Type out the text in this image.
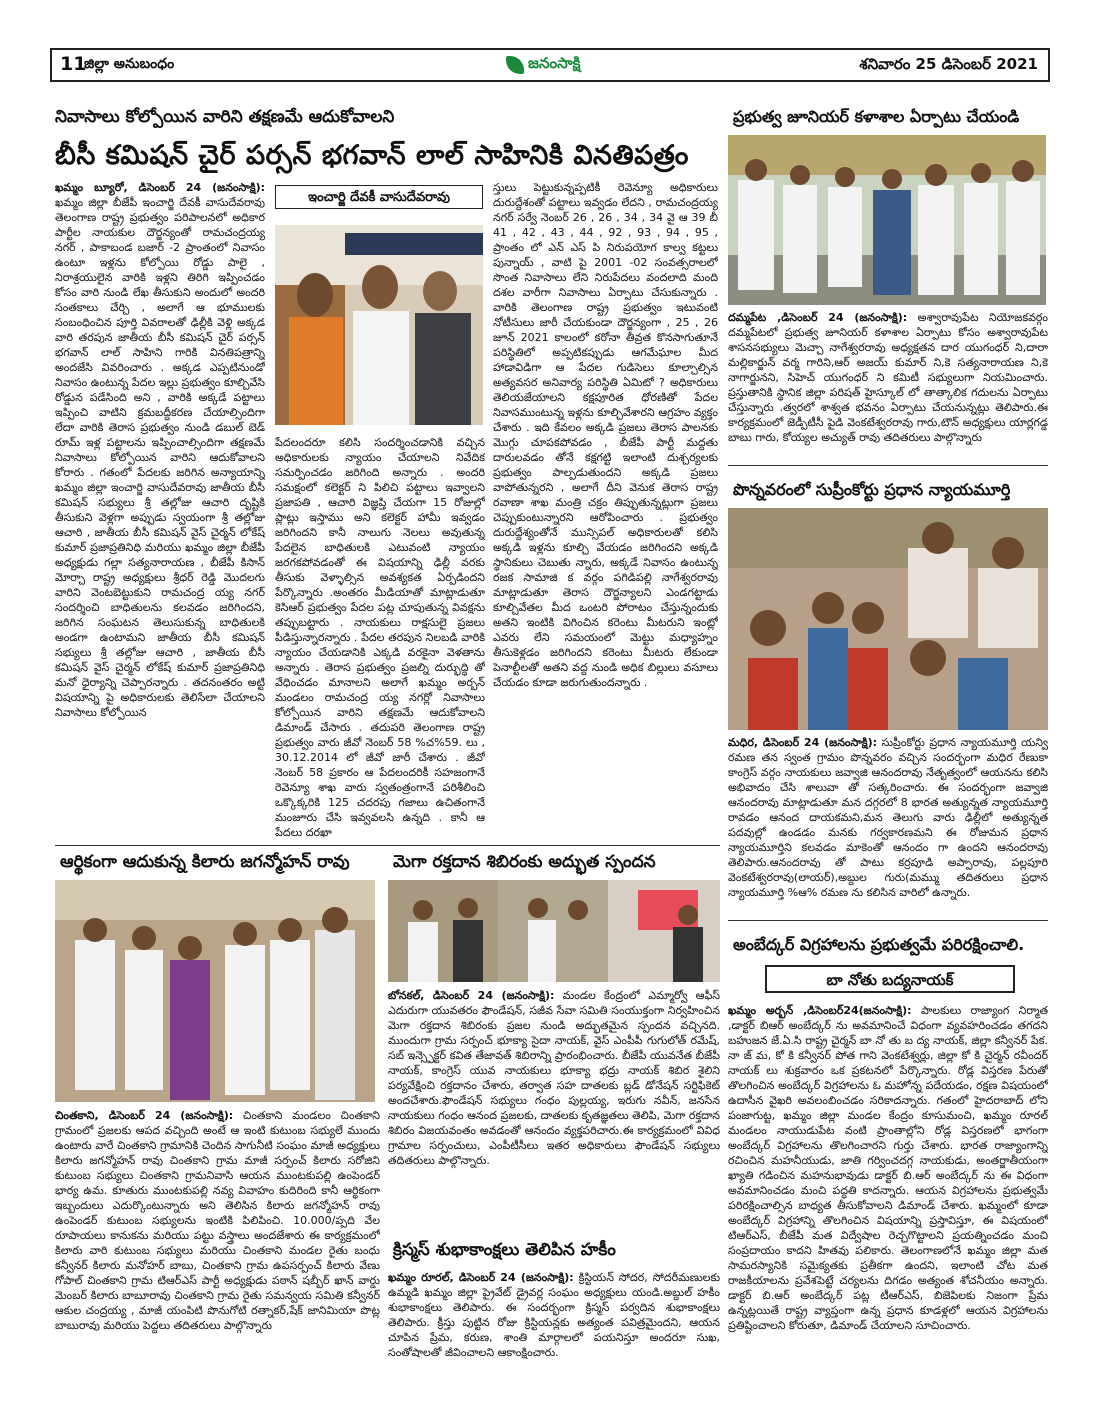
11
జిల్లా అనుబంధం	జనంసాక్షి	శనివారం 25 డిసెంబర్ 2021
నివాసాలు కోల్పోయిన వారిని తక్షణమే ఆదుకోవాలని
బీసీ కమిషన్ చైర్ పర్సన్ భగవాన్ లాల్ సాహినికి వినతిపత్రం
ఖమ్మం బ్యూరో, డిసెంబర్ 24 (జనంసాక్షి): ఖమ్మం జిల్లా బీజేపీ ఇంచార్జి దేవకీ వాసుదేవరావు తెలంగాణ రాష్ట్ర ప్రభుత్వం పరిపాలనలో అధికార పార్టీల నాయకుల దౌర్జన్యంతో రామచంద్రయ్య నగర్ , పాకాబండ బజార్ -2 ప్రాంతంలో నివాసం ఉంటూ ఇళ్లను కోల్పోయి రోడ్డు పాలై , నిరాశ్రయులైన వారికి ఇళ్లని తిరిగి ఇప్పించడం కోసం వారి నుండి లేఖ తీసుకుని అందులో అందరి సంతకాలు చేర్చి , అలాగే ఆ భూములకు సంబంధించిన పూర్తి వివరాలతో ఢిల్లీకి వెళ్లి అక్కడ వారి తరపున జాతీయ బీసీ కమిషన్ చైర్ పర్సన్ భగవాన్ లాల్ సాహిని గారికి వినతిపత్రాన్ని అందజేసి వివరించారు . అక్కడ ఎప్పటినుండో నివాసం ఉంటున్న పేదల ఇల్లు ప్రభుత్వం కూల్చివేసి రోడ్డున పడేసింది అని , వారికి అక్కడే పట్టాలు ఇప్పించి వాటిని క్రమబద్దీకరణ చేయాల్సిందిగా లేదా వారికి తెరాస ప్రభుత్వం నుండి డబుల్ బెడ్ రూమ్ ఇళ్ల పట్టాలను ఇప్పించాల్సిందిగా తక్షణమే నివాసాలు కోల్పోయిన వారిని ఆదుకోవాలని కోరారు . గతంలో పేదలకు జరిగిన అన్యాయాన్ని ఖమ్మం జిల్లా ఇంచార్జి వాసుదేవరావు జాతీయ బీసీ కమిషన్ సభ్యులు శ్రీ తల్లోజు ఆచారి దృష్టికి తీసుకుని వెళ్లగా అప్పుడు స్వయంగా శ్రీ తల్లోజు ఆచారి , జాతీయ బీసీ కమిషన్ వైస్ చైర్మన్ లోకేష్ కుమార్ ప్రజాప్రతినిధి మరియు ఖమ్మం జిల్లా బీజేపీ అధ్యక్షుడు గల్లా సత్యనారాయణ , బీజేపీ కిసాన్ మోర్చా రాష్ట్ర అధ్యక్షులు శ్రీధర్ రెడ్డి మొదలగు వారిని వెంటబెట్టుకుని రామచంద్ర య్య నగర్ సందర్శించి బాధితులను కలవడం జరిగిందని, జరిగిన సంఘటన తెలుసుకున్న బాధితులకి అండగా ఉంటామని జాతీయ బీసీ కమిషన్ సభ్యులు శ్రీ తల్లోజు ఆచారి , జాతీయ బీసీ కమిషన్ వైస్ చైర్మన్ లోకేష్ కుమార్ ప్రజాప్రతినిధి మనో ధైర్యాన్ని చెప్పారన్నారు . తదనంతరం అట్టి విషయాన్ని పై అధికారులకు తెలిసేలా చేయాలని నివాసాలు కోల్పోయిన
ఇంచార్జి దేవకీ వాసుదేవరావు
పేదలందరూ కలిసి సందర్శించడానికి వచ్చిన అధికారులకు న్యాయం చేయాలని నివేదిక సమర్పించడం జరిగింది అన్నారు . అందరి సమక్షంలో కలెక్టర్ ని పిలిచి పట్టాలు ఇవ్వాలని ప్రజాపతి , ఆచారి విజ్ఞప్తి చేయగా 15 రోజుల్లో ప్లాట్లు ఇస్తాము అని కలెక్టర్ హామీ ఇవ్వడం జరిగిందని కానీ నాలుగు నెలలు అవుతున్న పేదలైన బాధితులకి ఎటువంటి న్యాయం జరగకపోవడంతో ఈ విషయాన్ని ఢిల్లీ వరకు తీసుకు వెళ్ళాల్సిన అవశ్యకత ఏర్పడిందని పేర్కొన్నారు .అంతరం మీడియాతో మాట్లాడుతూ కెసిఆర్ ప్రభుత్వం పేదల పట్ల చూపుతున్న వివక్షను తప్పుబట్టారు . నాయకులు రాక్షసులై ప్రజలు పీడిస్తున్నారన్నారు . పేదల తరపున నిలబడి వారికి న్యాయం చేయడానికి ఎక్కడి వరకైనా వెళతాను అన్నారు . తెరాస ప్రభుత్వం ప్రజల్ని దుర్భుద్ధి తో వేధించడం మానాలని అలాగే ఖమ్మం అర్బన్ మండలం రామచంద్ర య్య నగర్లో నివాసాలు కోల్పోయిన వారిని తక్షణమే ఆదుకోవాలని డిమాండ్ చేసారు . తదుపరి తెలంగాణ రాష్ట్ర ప్రభుత్వం వారు జీవో నెంబర్ 58 %చ%59. లు , 30.12.2014 లో జీవో జారీ చేశారు . జీవో నెంబర్ 58 ప్రకారం ఆ పేదలందరికీ సహజంగానే రెవెన్యూ శాఖ వారు స్వతంత్రంగానే పరిశీలించి ఒక్కొక్కరికి 125 చదరపు గజాలు ఉచితంగానే మంజూరు చేసి ఇవ్వవలసి ఉన్నది . కానీ ఆ పేదలు దరఖా
స్తులు పెట్టుకున్నప్పటికీ రెవెన్యూ అధికారులు దురుద్దేశంతో పట్టాలు ఇవ్వడం లేదని , రామచంద్రయ్య నగర్ సర్వే నెంబర్ 26 , 26 , 34 , 34 వై ఆ 39 బీ 41 , 42 , 43 , 44 , 92 , 93 , 94 , 95 , ప్రాంతం లో ఎన్ ఎస్ పి నిరుపయోగ కాల్వ కట్టలు పున్నాయ్ , వాటి పై 2001 -02 సంవత్సరాలలో సొంత నివాసాలు లేని నిరుపేదలు వందలాది మంది దశల వారీగా నివాసాలు ఏర్పాటు చేసుకున్నారు . వారికి తెలంగాణ రాష్ట్ర ప్రభుత్వం ఇటువంటి నోటీసులు జారీ చేయకుండా దౌర్జన్యంగా , 25 , 26 జూన్ 2021 కాలంలో కరోనా తీవ్రత కొనసాగుతూనే పరిస్థితిలో అప్పటికప్పుడు ఆగమేఘాల మీద హాడావిడిగా ఆ పేదల గుడిసెలు కూల్చాల్సిన అత్యవసర అనివార్య పరిస్థితి ఏమిటో ? అధికారులు తెలియజేయాలని కక్షపూరిత ధోరణితో పేదల నివాసముంటున్న ఇళ్లను కూల్చివేశారని ఆగ్రహం వ్యక్తం చేశారు . ఇది కేవలం అక్కడి ప్రజలు తెరాస పాలనకు మొగ్గు చూపకపోవడం , బీజేపీ పార్టీ మద్దతు దారులవడం తోనే కక్షగట్టి ఇలాంటి దుశ్చర్యలకు ప్రభుత్వం పాల్పడుతుందని అక్కడి ప్రజలు వాపోతున్నరని , అలాగే దీని వెనుక తెరాస రాష్ట్ర రవాణా శాఖ మంత్రి చక్రం తిప్పుతున్నట్లుగా ప్రజలు చెప్పుకుంటున్నారని ఆరోపించారు . ప్రభుత్వం దురుద్దేశ్యంతోనే మున్సిపల్ అధికారులతో కలిసి అక్కడి ఇళ్లను కూల్చి వేయడం జరిగిందని అక్కడి స్థానికులు చెబుతు న్నారు, అక్కడే నివాసం ఉంటున్న రజక సామాజి క వర్గం పగిడిపల్లి నాగేశ్వరరావు మాట్లాడుతూ తెరాస దౌర్జన్యాలని ఎండగట్టాడు కూల్చివేతల మీద ఒంటరి పోరాటం చేస్తున్నందుకు అతని ఇంటికి విగించిన కరెంటు మీటరుని ఇంట్లో ఎవరు లేని సమయంలో మెట్టు మధ్యాహ్నం తీసుకెళ్లడం జరిగిందని కరెంటు మీటరు లేకుండా పెనాల్టీలతో అతని వద్ద నుండి అధిక బిల్లులు వసూలు చేయడం కూడా జరుగుతుందన్నారు .
ప్రభుత్వ జూనియర్ కళాశాల ఏర్పాటు చేయండి
దమ్మపేట ,డిసెంబర్ 24 (జనంసాక్షి): అశ్వారావుపేట నియోజకవర్గం దమ్మపేటలో ప్రభుత్వ జూనియర్ కళాశాల ఏర్పాటు కోసం అశ్వారావుపేట శాసనసభ్యులు మెచ్చా నాగేశ్వరరావు అధ్యక్షతన దార యుగంధర్ ని,దారా మల్లికార్జున్ వర్మ గారిని,ఆర్ అజయ్ కుమార్ ని,కె సత్యనారాయణ ని,కె నాగార్జునని, సిహెచ్ యుగంధర్ ని కమిటీ సభ్యులుగా నియమించారు. ప్రస్తుతానికి స్థానిక జిల్లా పరిషత్ హైస్కూల్ లో తాత్కాలిక గదులను ఏర్పాటు చేస్తున్నారు .త్వరలో శాశ్వత భవనం ఏర్పాటు చేయనున్నట్లు తెలిపారు.ఈ కార్యక్రమంలో జెడ్పీటీసీ పైడి వెంకటేశ్వరరావు గారు,టౌన్ అధ్యక్షులు యార్లగడ్డ బాబు గారు, కోయ్యల అచ్యుత్ రావు తదితరులు పాల్గొన్నారు
పొన్నవరంలో సుప్రీంకోర్టు ప్రధాన న్యాయమూర్తి
మధిర, డిసెంబర్ 24 (జనంసాక్షి): సుప్రీంకోర్టు ప్రధాన న్యాయమూర్తి యన్వి రమణ తన స్వంత గ్రామం పొన్నవరం వచ్చిన సందర్భంగా మధిర రేణుకా కాంగ్రెస్ వర్గం నాయకులు జవ్వాజి ఆనందరావు నేతృత్వంలో ఆయనను కలిసి అభివాదం చేసి శాలువా తో సత్కరించారు. ఈ సందర్భంగా జవ్వాజి ఆనందరావు మాట్లాడుతూ మన దగ్గరలో 8 భారత అత్యున్నత న్యాయమూర్తి రావడం ఆనంద దాయకమని,మన తెలుగు వారు ఢిల్లీలో అత్యున్నత పదవుల్లో ఉండడం మనకు గర్వకారణమని ఈ రోజుమన ప్రధాన న్యాయమూర్తిని కలవడం మాకెంతో ఆనందం గా ఉందని ఆనందరావు తెలిపారు.ఆనందరావు తో పాటు కర్రపూడి అప్పారావు, పల్లపూరి వెంకటేశ్వరరావు(లాయర్),అబ్దుల గురు(మమ్ము తదితరులు ప్రధాన న్యాయమూర్తి %ఆ% రమణ ను కలిసిన వారిలో ఉన్నారు.
అంబేద్కర్ విగ్రహాలను ప్రభుత్వమే పరిరక్షించాలి.
బా నోతు బద్యనాయక్
ఖమ్మం అర్బన్ ,డిసెంబర్24(జనంసాక్షి): పాలకులు రాజ్యాంగ నిర్మాత ,డాక్టర్ బిఆర్ అంబేద్కర్ ను అవమానించే విధంగా వ్యవహరించడం తగదని బహుజన జే.ఏ.సి రాష్ట్ర చైర్మన్ బా నో తు బ ద్య నాయక్, జిల్లా కన్వీనర్ పేక. నా జ్ మ, కో కి కన్వీనర్ పోత గాని వెంకటేశ్వర్లు, జిల్లా కో కి చైర్మన్ రవీందర్ నాయక్ లు శుక్రవారం ఒక ప్రకటనలో పేర్కొన్నారు. రోడ్ల విస్తరణ పేరుతో తొలగించిన అంబేద్కర్ విగ్రహాలను ఓ మహోన్న పదేయడం, రక్షణ విషయంలో ఉదాసీన వైఖరి అవలంబించడం సరికాదన్నారు. గతంలో హైదరాబాద్ లోని పంజాగుట్ట, ఖమ్మం జిల్లా మండల కేంద్రం కూసుమంచి, ఖమ్మం రూరల్ మండలం నాయుడుపేట వంటి ప్రాంతాల్లోని రోడ్ల విస్తరణలో భాగంగా అంబేద్కర్ విగ్రహాలను తొలగించారని గుర్తు చేశారు. భారత రాజ్యాంగాన్ని రచించిన మహనీయుడు, జాతి గర్వించదగ్గ నాయకుడు, అంతర్జాతీయంగా ఖ్యాతి గడించిన మహనుభావుడు డాక్టర్ బి.ఆర్ అంబేద్కర్ ను ఈ విధంగా అవమానించడం మంచి పద్ధతి కాదన్నారు. ఆయన విగ్రహాలను ప్రభుత్వమే పరిరక్షించాల్సిన బాధ్యత తీసుకోవాలని డిమాండ్ చేశారు. ఖమ్మంలో కూడా అంబేద్కర్ విగ్రహాన్ని తొలగించిన విషయాన్ని ప్రస్తావిస్తూ, ఈ విషయంలో టిఆర్ఎస్, బీజేపీ మత విద్వేషాల రెచ్చగొట్టాలని ప్రయత్నించడం మంచి సంప్రదాయం కాదని హితవు పలికారు. తెలంగాణలోనే ఖమ్మం జిల్లా మత సామరస్యానికి సమైక్యతకు ప్రతీకగా ఉందని, ఇలాంటి చోట మత రాజకీయాలను ప్రవేశపెట్టే చర్యలను దిగడం అత్యంత శోచనీయం అన్నారు. డాక్టర్ బి.ఆర్ అంబేద్కర్ పట్ల టీఆర్ఎస్, బిజెపిలకు నిజంగా ప్రేమ ఉన్నట్లయితే రాష్ట్ర వ్యాప్తంగా ఉన్న ప్రధాన కూడళ్లలో ఆయన విగ్రహాలను ప్రతిష్టించాలని కోరుతూ, డిమాండ్ చేయాలని సూచించారు.
ఆర్థికంగా ఆదుకున్న కిలారు జగన్మోహన్ రావు
చింతకాని, డిసెంబర్ 24 (జనంసాక్షి): చింతకాని మండలం చింతకాని గ్రామంలో ప్రజలకు ఆపద వచ్చింది అంటే ఆ ఇంటి కుటుంబ సభ్యులే ముందు ఉంటారు వారే చింతకాని గ్రామానికి చెందిన సాగునీటి సంఘం మాజీ అధ్యక్షులు కిలారు జగన్మోహన్ రావు చింతకాని గ్రామ మాజీ సర్పంచ్ కిలారు సరోజిని కుటుంబ సభ్యులు చింతకాని గ్రామనివాసి ఆయన ముంటకుపల్లి ఉంపెండర్ భార్య ఉమ. కూతురు ముంటకుపల్లి నవ్య వివాహం కుదిరింది కానీ ఆర్థికంగా ఇబ్బందులు ఎదుర్కొంటున్నారు అని తెలిసిన కిలారు జగన్మోహన్ రావు ఉంపెండర్ కుటుంబ సభ్యులను ఇంటికి పిలిపించి. 10.000/ప్పది వేల రూపాయలు కానుకను మరియు పట్టు వస్త్రాలు అందజేశారు ఈ కార్యక్రమంలో కిలారు వారి కుటుంబ సభ్యులు మరియు చింతకాని మండల రైతు బంధు కన్వీనర్ కిలారు మనోహర్ బాబు, చింతకాని గ్రామ ఉపసర్పంచ్ కిలారు వేణు గోపాల్ చింతకాని గ్రామ టిఆర్ఎస్ పార్టీ అధ్యక్షుడు పఠాన్ షబ్బీర్ ఖాన్ వార్డు మెంబర్ కిలారు బాబూరావు చింతకాని గ్రామ రైతు సమన్వయ సమితి కన్వీనర్ ఆకుల చంద్రయ్య , మాజీ యంపిటి పొనుగోటి రత్నాకర్,షేక్ జానిమియా పొట్ల బాబురావు మరియు పెద్దలు తదితరులు పాల్గొన్నారు
మెగా రక్తదాన శిబిరంకు అద్భుత స్పందన
బోనకల్, డిసెంబర్ 24 (జనంసాక్షి): మండల కేంద్రంలో ఎమ్మార్వో ఆఫీస్ ఎదురుగా యువతరం ఫౌండేషన్, సజీవ సేవా సమితి సంయుక్తంగా నిర్వహించిన మెగా రక్తదాన శిబిరంకు ప్రజల నుండి అద్భుతమైన స్పందన వచ్చినది. ముందుగా గ్రామ సర్పంచ్ భూక్యా సైదా నాయక్, వైస్ ఎంపీపీ గుగులోత్ రమేష్, సబ్ ఇన్స్పెక్టర్ కవిత తేజావత్ శిబిరాన్ని ప్రారంభించారు. బీజేపీ యువనేత బీజేపీ నాయక్, కాంగ్రెస్ యువ నాయకులు భూక్యా భద్రు నాయక్ శిబిర శైలిని పర్యవేక్షించి రక్తదానం చేశారు, తర్వాత సహ దాతలకు బ్లడ్ డోనేషన్ సర్టిఫికెట్ అందచేశారు.ఫౌండేషన్ సభ్యులు గంధం పుల్లయ్య, ఇరుగు నవీన్, జనసేన నాయకులు గంధం ఆనంద ప్రజలకు, దాతలకు కృతజ్ఞతలు తెలిపి, మెగా రక్తదాన శిబిరం విజయవంతం అవడంతో ఆనందం వ్యక్తపరిచారు.ఈ కార్యక్రమంలో వివిధ గ్రామాల సర్పంచులు, ఎంపీటీసీలు ఇతర అధికారులు ఫౌండేషన్ సభ్యులు తదితరులు పాల్గొన్నారు.
క్రిస్మస్ శుభాకాంక్షలు తెలిపిన హకీం
ఖమ్మం రూరల్, డిసెంబర్ 24 (జనంసాక్షి): క్రిస్టియన్ సోదర, సోదరీమణులకు ఉమ్మడి ఖమ్మం జిల్లా ప్రైవేట్ డ్రైవర్ల సంఘం అధ్యక్షులు యండి.అబ్దుల్ హకీం శుభాకాంక్షలు తెలిపారు. ఈ సందర్భంగా క్రిస్మస్ పర్వదిన శుభాకాంక్షలు తెలిపారు. క్రీస్తు పుట్టిన రోజు క్రిస్టియన్లకు అత్యంత పవిత్రమైందని, ఆయన చూపిన ప్రేమ, కరుణ, శాంతి మార్గాలలో పయనిస్తూ అందరూ సుఖ, సంతోషాలతో జీవించాలని ఆకాంక్షించారు.
